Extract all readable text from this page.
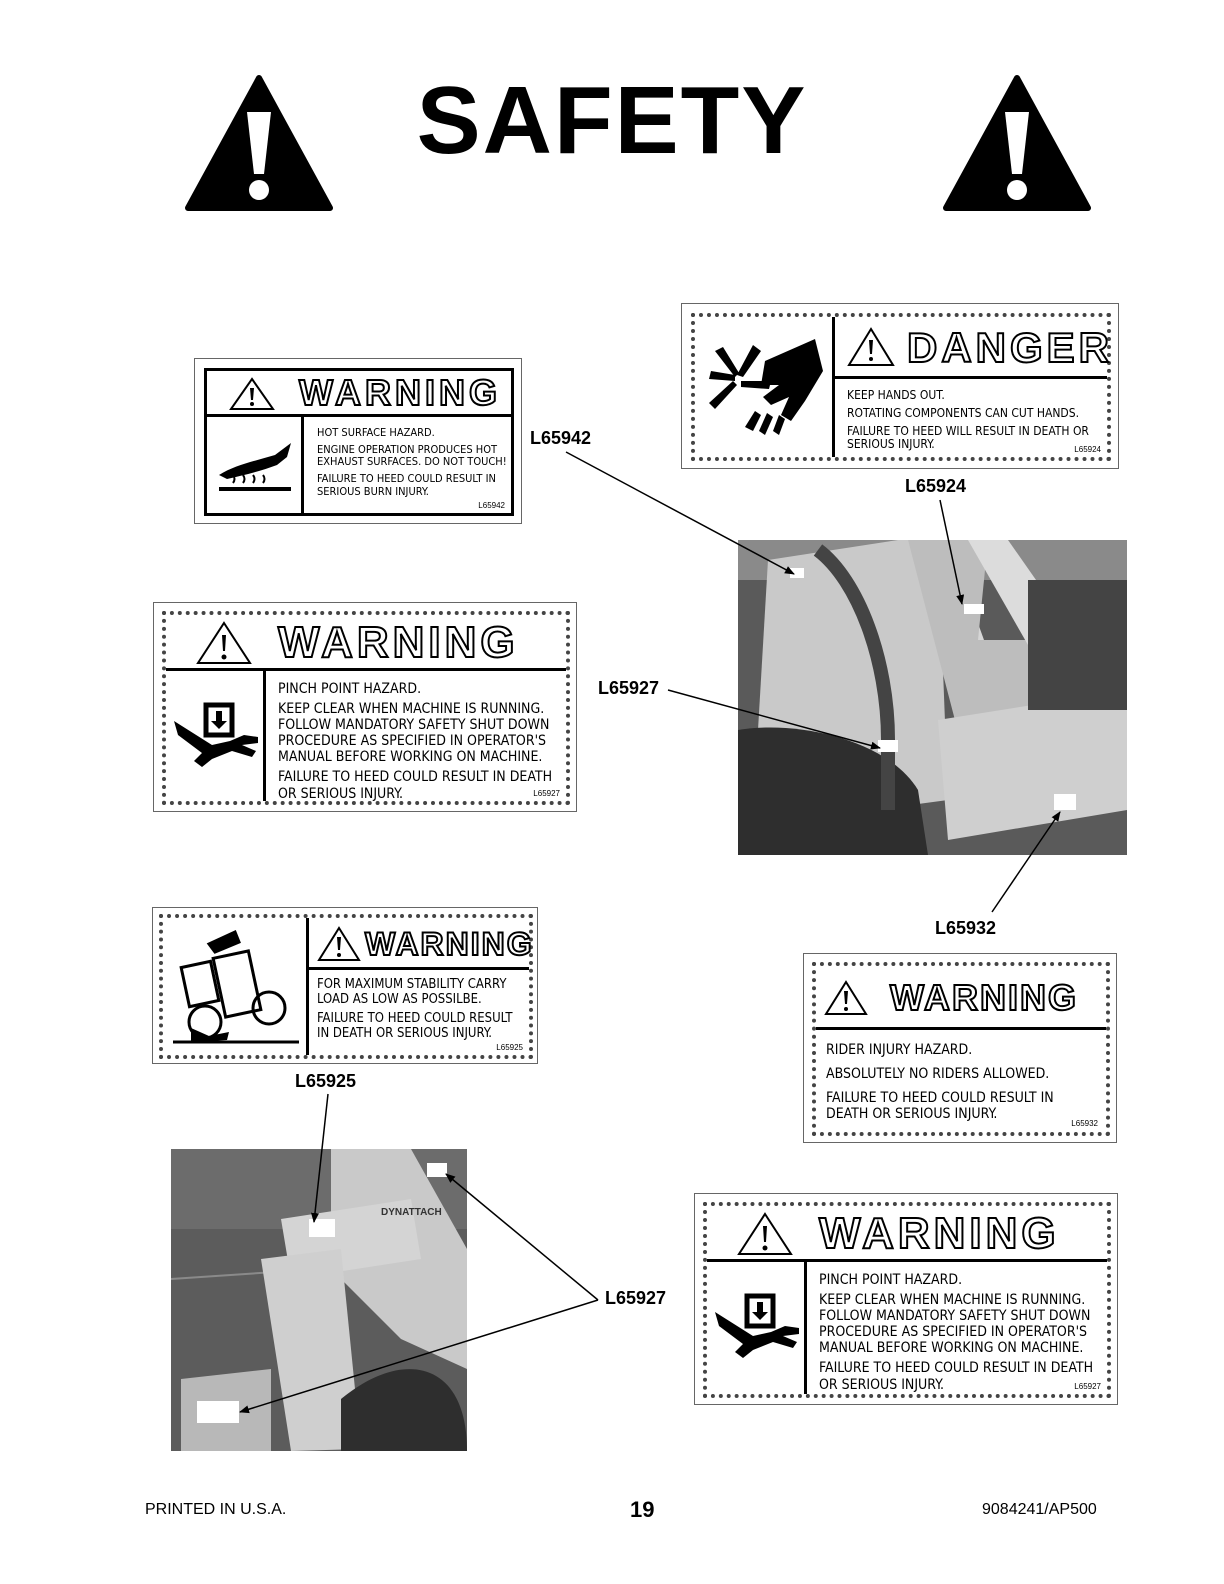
SAFETY
WARNING

HOT SURFACE HAZARD.

ENGINE OPERATION PRODUCES HOT EXHAUST SURFACES. DO NOT TOUCH!

FAILURE TO HEED COULD RESULT IN SERIOUS BURN INJURY.

L65942
DANGER

KEEP HANDS OUT.

ROTATING COMPONENTS CAN CUT HANDS.

FAILURE TO HEED WILL RESULT IN DEATH OR SERIOUS INJURY.	L65924
WARNING

PINCH POINT HAZARD.

KEEP CLEAR WHEN MACHINE IS RUNNING. FOLLOW MANDATORY SAFETY SHUT DOWN PROCEDURE AS SPECIFIED IN OPERATOR'S MANUAL BEFORE WORKING ON MACHINE.

FAILURE TO HEED COULD RESULT IN DEATH OR SERIOUS INJURY.	L65927
WARNING

FOR MAXIMUM STABILITY CARRY LOAD AS LOW AS POSSILBE.

FAILURE TO HEED COULD RESULT IN DEATH OR SERIOUS INJURY.

L65925
WARNING

RIDER INJURY HAZARD.

ABSOLUTELY NO RIDERS ALLOWED.

FAILURE TO HEED COULD RESULT IN DEATH OR SERIOUS INJURY.

L65932
WARNING

PINCH POINT HAZARD.

KEEP CLEAR WHEN MACHINE IS RUNNING. FOLLOW MANDATORY SAFETY SHUT DOWN PROCEDURE AS SPECIFIED IN OPERATOR'S MANUAL BEFORE WORKING ON MACHINE.

FAILURE TO HEED COULD RESULT IN DEATH OR SERIOUS INJURY.	L65927
DYNATTACH
L65942
L65924
L65927
L65932
L65925
L65927
PRINTED IN U.S.A.	19	9084241/AP500
